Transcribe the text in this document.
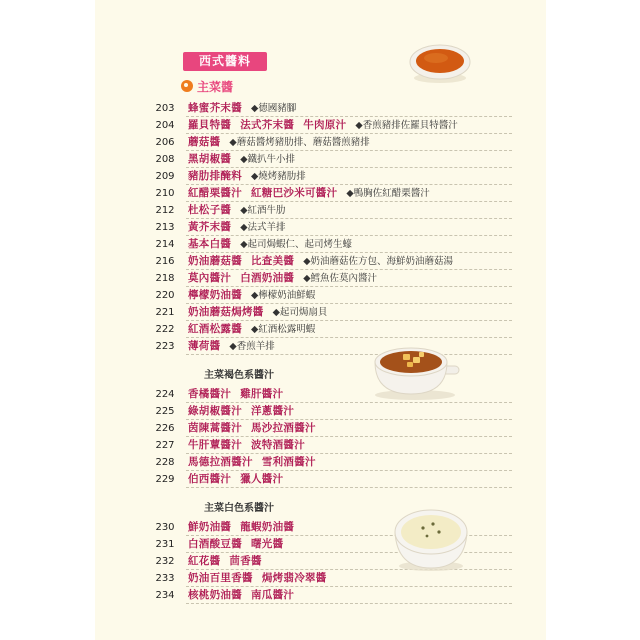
西式醬料
主菜醬
203	蜂蜜芥末醬 ◆德國豬腳
204	羅貝特醬 法式芥末醬 牛肉原汁 ◆香煎豬排佐羅貝特醬汁
206	蘑菇醬 ◆蘑菇醬烤豬肋排、蘑菇醬煎豬排
208	黑胡椒醬 ◆鐵扒牛小排
209	豬肋排醃料 ◆燒烤豬肋排
210	紅醋栗醬汁 紅糖巴沙米可醬汁 ◆鴨胸佐紅醋栗醬汁
212	杜松子醬 ◆紅酒牛肋
213	黃芥末醬 ◆法式羊排
214	基本白醬 ◆起司焗蝦仁、起司烤生蠔
216	奶油蘑菇醬 比查美醬 ◆奶油蘑菇佐方包、海鮮奶油蘑菇湯
218	莫內醬汁 白酒奶油醬 ◆鱈魚佐莫內醬汁
220	檸檬奶油醬 ◆檸檬奶油鮮蝦
221	奶油蘑菇焗烤醬 ◆起司焗扇貝
222	紅酒松露醬 ◆紅酒松露明蝦
223	薄荷醬 ◆香煎羊排
主菜褐色系醬汁
224	香橘醬汁 雞肝醬汁
225	綠胡椒醬汁 洋蔥醬汁
226	茵陳蒿醬汁 馬沙拉酒醬汁
227	牛肝蕈醬汁 波特酒醬汁
228	馬德拉酒醬汁 雪利酒醬汁
229	伯西醬汁 獵人醬汁
主菜白色系醬汁
230	鮮奶油醬 龍蝦奶油醬
231	白酒酸豆醬 曙光醬
232	紅花醬 茴香醬
233	奶油百里香醬 焗烤翡冷翠醬
234	核桃奶油醬 南瓜醬汁
